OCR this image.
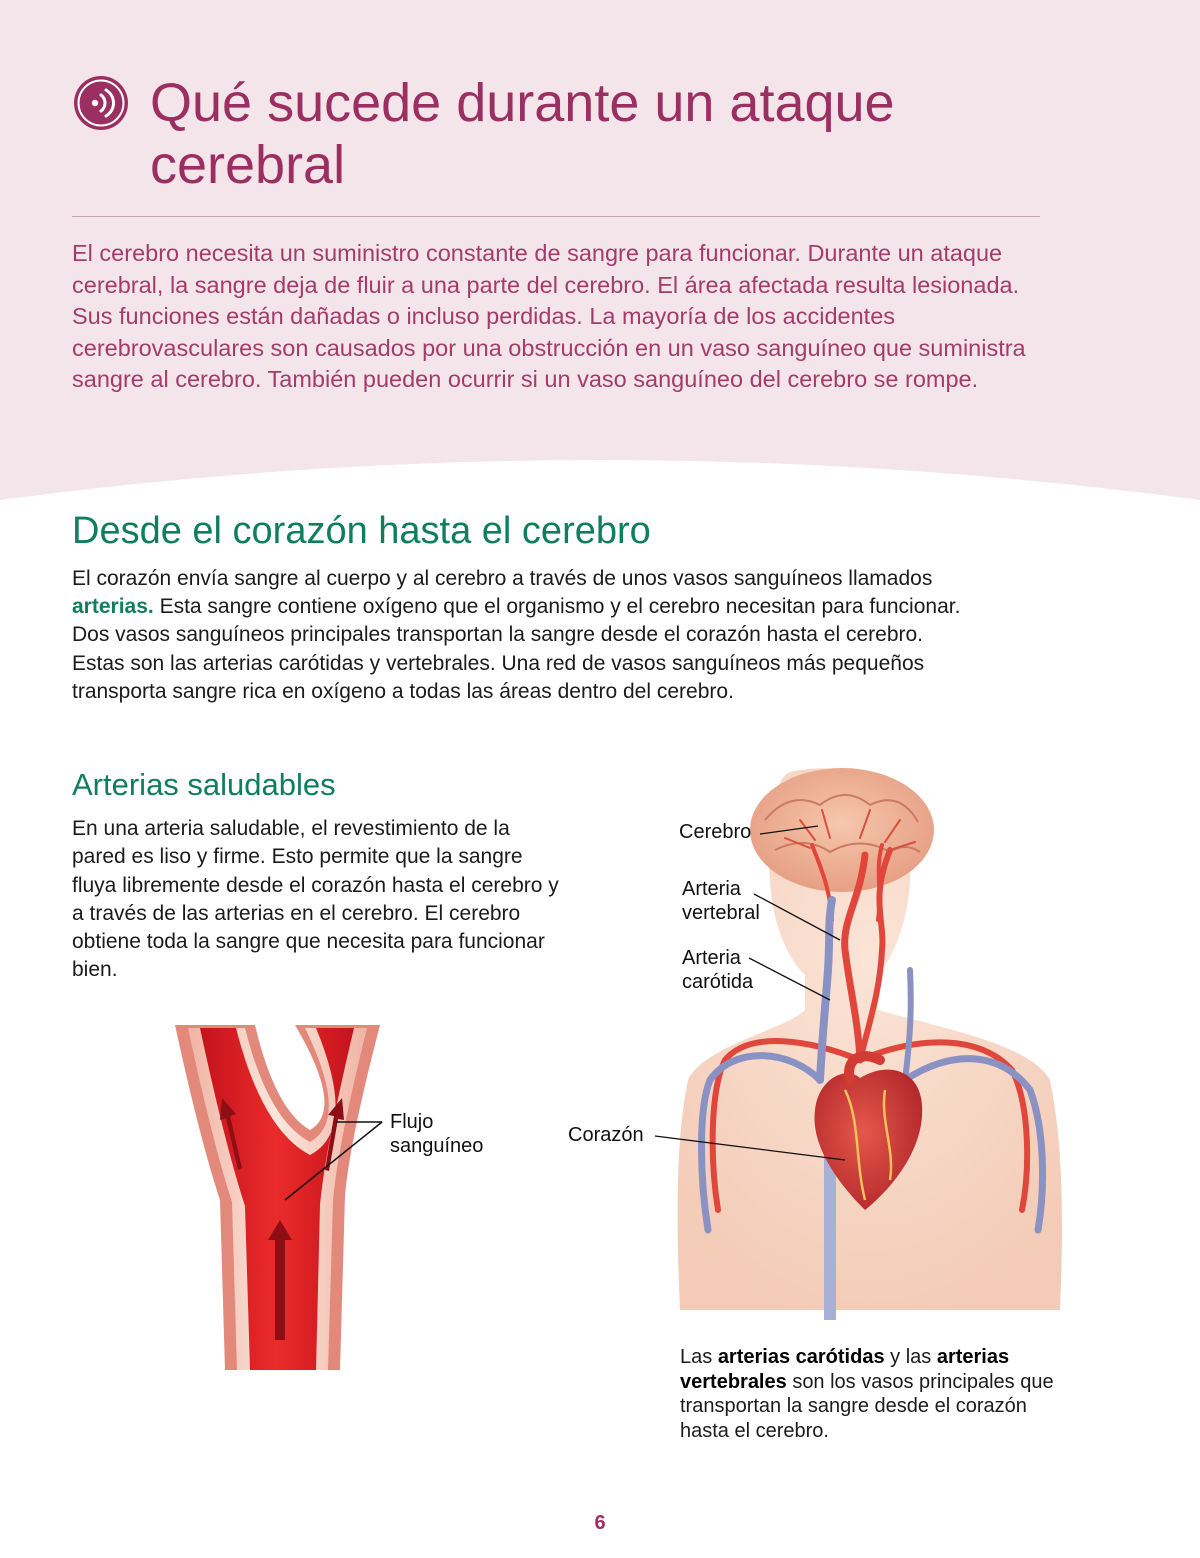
Qué sucede durante un ataque
cerebral

El cerebro necesita un suministro constante de sangre para funcionar. Durante un ataque cerebral, la sangre deja de fluir a una parte del cerebro. El área afectada resulta lesionada. Sus funciones están dañadas o incluso perdidas. La mayoría de los accidentes cerebrovasculares son causados por una obstrucción en un vaso sanguíneo que suministra sangre al cerebro. También pueden ocurrir si un vaso sanguíneo del cerebro se rompe.

Desde el corazón hasta el cerebro

El corazón envía sangre al cuerpo y al cerebro a través de unos vasos sanguíneos llamados arterias. Esta sangre contiene oxígeno que el organismo y el cerebro necesitan para funcionar. Dos vasos sanguíneos principales transportan la sangre desde el corazón hasta el cerebro. Estas son las arterias carótidas y vertebrales. Una red de vasos sanguíneos más pequeños transporta sangre rica en oxígeno a todas las áreas dentro del cerebro.

Arterias saludables

En una arteria saludable, el revestimiento de la pared es liso y firme. Esto permite que la sangre fluya libremente desde el corazón hasta el cerebro y a través de las arterias en el cerebro. El cerebro obtiene toda la sangre que necesita para funcionar bien.

Flujo
sanguíneo

Cerebro

Arteria
vertebral

Arteria
carótida

Corazón

Las arterias carótidas y las arterias vertebrales son los vasos principales que transportan la sangre desde el corazón hasta el cerebro.

6
